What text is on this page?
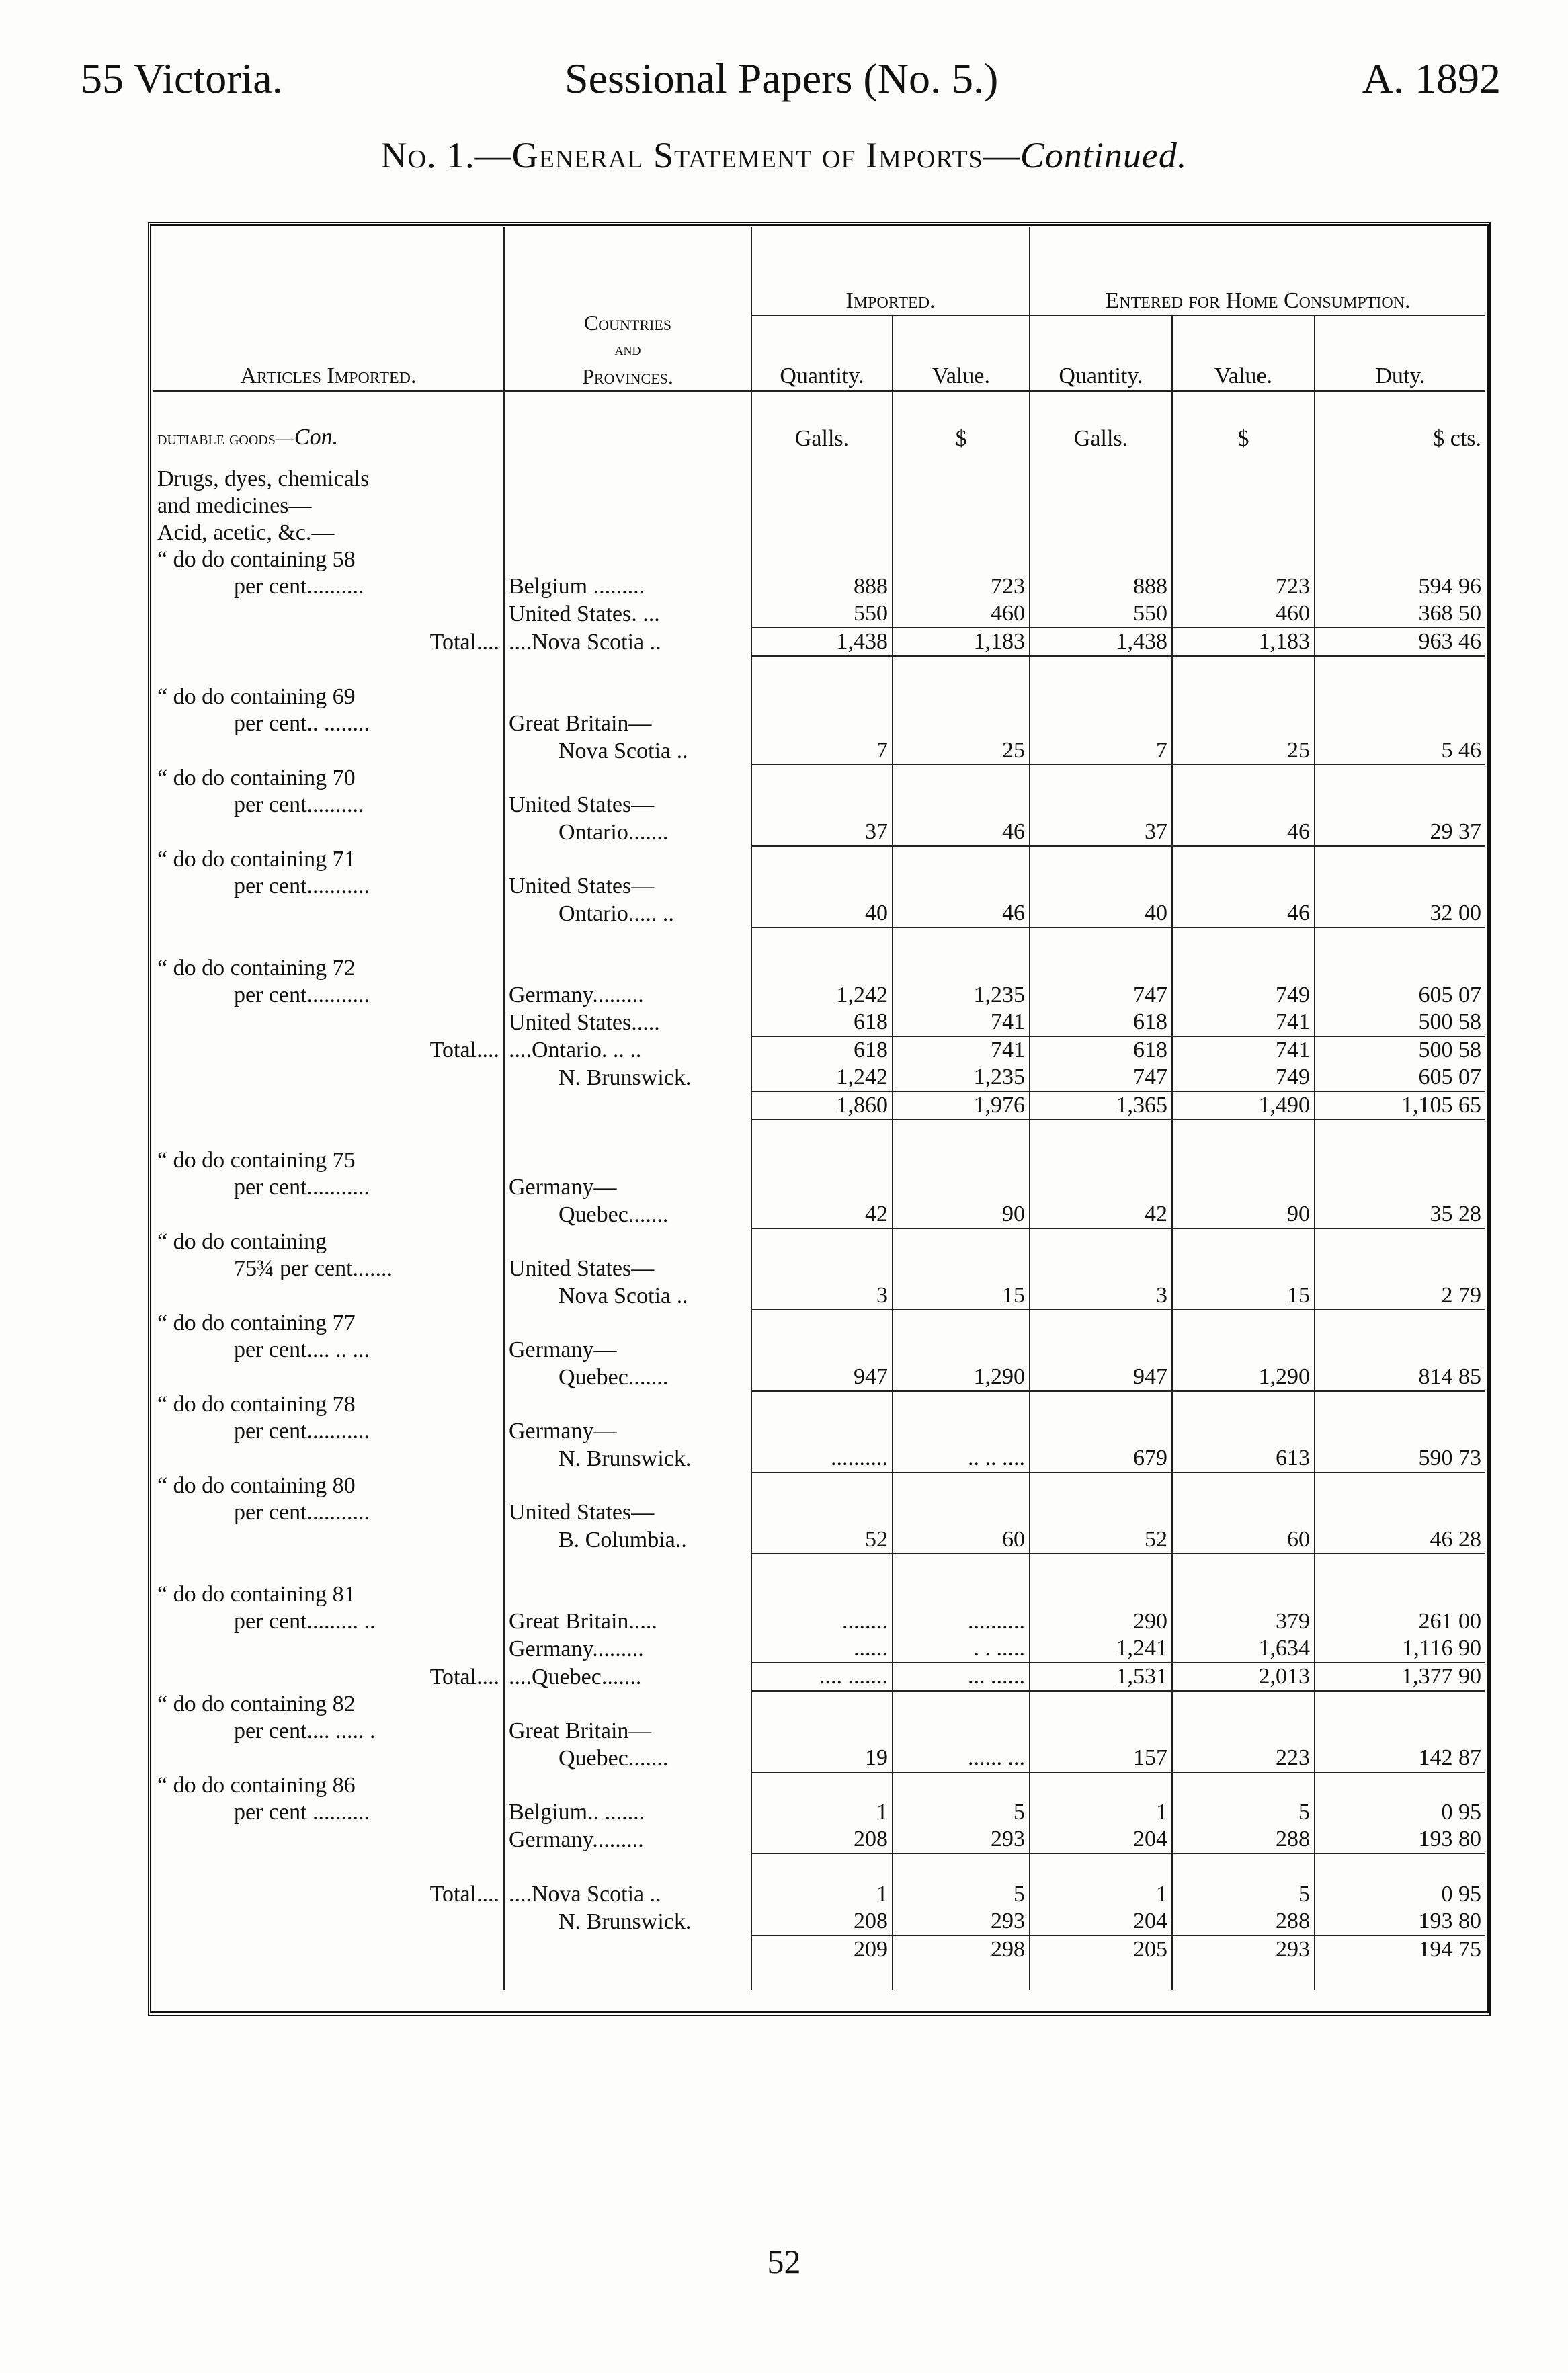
55 Victoria.	Sessional Papers (No. 5.)	A. 1892
No. 1.—General Statement of Imports—Continued.
Articles Imported.	Countries
and
Provinces.	Imported.		Entered for Home Consumption.		
		Quantity.	Value.	Quantity.	Value.	Duty.
dutiable goods—Con.		Galls.	$	Galls.	$	$ cts.

Drugs, dyes, chemicals						
and medicines—						
Acid, acetic, &c.—						
“ do do containing 58						
per cent..........	Belgium .........	888	723	888	723	594 96
	United States. ...	550	460	550	460	368 50
Total....	....Nova Scotia ..	1,438	1,183	1,438	1,183	963 46

“ do do containing 69						
per cent.. ........	Great Britain—					
	Nova Scotia ..	7	25	7	25	5 46
“ do do containing 70						
per cent..........	United States—					
	Ontario.......	37	46	37	46	29 37
“ do do containing 71						
per cent...........	United States—					
	Ontario..... ..	40	46	40	46	32 00

“ do do containing 72						
per cent...........	Germany.........	1,242	1,235	747	749	605 07
	United States.....	618	741	618	741	500 58
Total....	....Ontario. .. ..	618	741	618	741	500 58
	N. Brunswick.	1,242	1,235	747	749	605 07
		1,860	1,976	1,365	1,490	1,105 65

“ do do containing 75						
per cent...........	Germany—					
	Quebec.......	42	90	42	90	35 28
“ do do containing						
75¾ per cent.......	United States—					
	Nova Scotia ..	3	15	3	15	2 79
“ do do containing 77						
per cent.... .. ...	Germany—					
	Quebec.......	947	1,290	947	1,290	814 85
“ do do containing 78						
per cent...........	Germany—					
	N. Brunswick.	..........	.. .. ....	679	613	590 73
“ do do containing 80						
per cent...........	United States—					
	B. Columbia..	52	60	52	60	46 28

“ do do containing 81						
per cent......... ..	Great Britain.....	........	..........	290	379	261 00
	Germany.........	......	. . .....	1,241	1,634	1,116 90
Total....	....Quebec.......	.... .......	... ......	1,531	2,013	1,377 90
“ do do containing 82						
per cent.... ..... .	Great Britain—					
	Quebec.......	19	...... ...	157	223	142 87
“ do do containing 86						
per cent ..........	Belgium.. .......	1	5	1	5	0 95
	Germany.........	208	293	204	288	193 80

Total....	....Nova Scotia ..	1	5	1	5	0 95
	N. Brunswick.	208	293	204	288	193 80
		209	298	205	293	194 75

52
